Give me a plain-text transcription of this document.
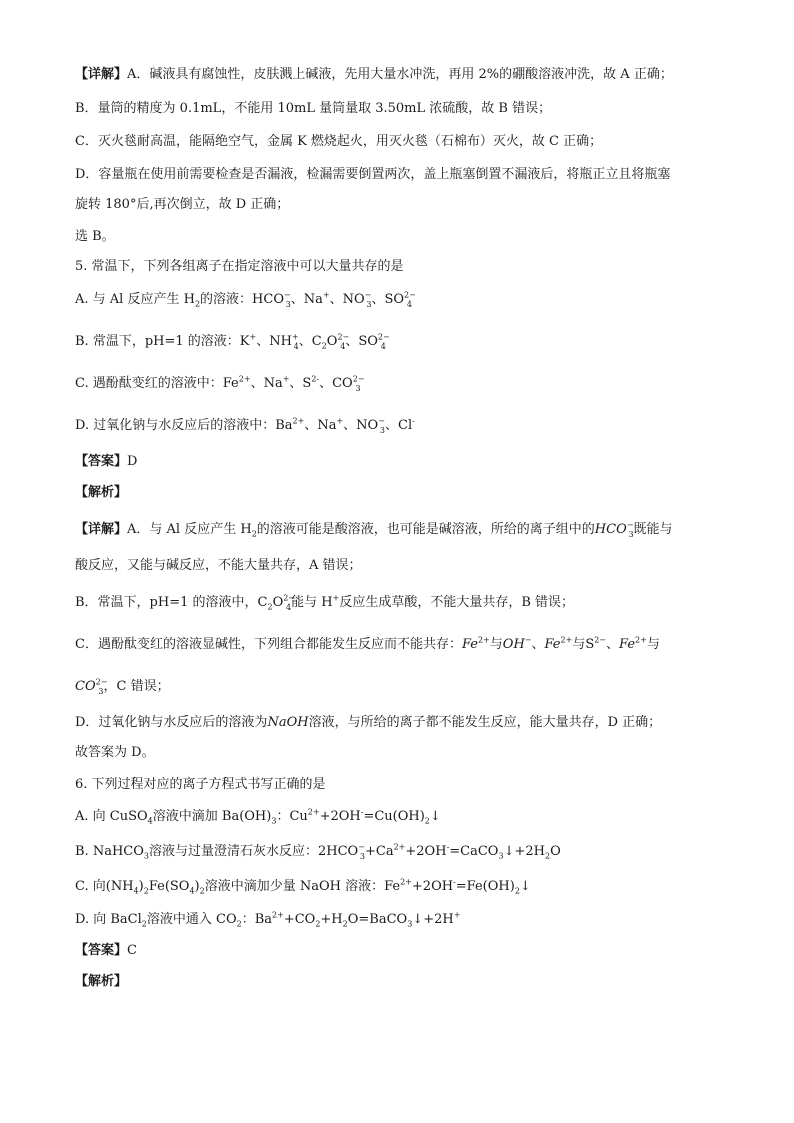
【详解】A．碱液具有腐蚀性，皮肤溅上碱液，先用大量水冲洗，再用 2%的硼酸溶液冲洗，故 A 正确；
B．量筒的精度为 0.1mL，不能用 10mL 量筒量取 3.50mL 浓硫酸，故 B 错误；
C．灭火毯耐高温，能隔绝空气，金属 K 燃烧起火，用灭火毯（石棉布）灭火，故 C 正确；
D．容量瓶在使用前需要检查是否漏液，检漏需要倒置两次，盖上瓶塞倒置不漏液后，将瓶正立且将瓶塞
旋转 180°后,再次倒立，故 D 正确；
选 B。
5. 常温下，下列各组离子在指定溶液中可以大量共存的是
A. 与 Al 反应产生 $H_2$的溶液：$HCO^-_3$、Na+、$NO^-_3$、$SO^{2-}_4$
B. 常温下，pH=1 的溶液：K+、$NH^+_4$、$C_2O^{2-}_4$、$SO^{2-}_4$
C. 遇酚酞变红的溶液中：$Fe^{2+}$、Na+、$S^{2-}$、$CO^{2-}_3$
D. 过氧化钠与水反应后的溶液中：$Ba^{2+}$、Na+、$NO^-_3$、Cl-
【答案】D
【解析】
【详解】A．与 Al 反应产生 $H_2$的溶液可能是酸溶液，也可能是碱溶液，所给的离子组中的$HCO^-_3$既能与
酸反应，又能与碱反应，不能大量共存，A 错误；
B．常温下，pH=1 的溶液中，$C_2O^{2-}_4$能与 H+反应生成草酸，不能大量共存，B 错误；
C．遇酚酞变红的溶液显碱性，下列组合都能发生反应而不能共存：$Fe^{2+}$与OH−、$Fe^{2+}$与$S^{2-}$、$Fe^{2+}$与
$CO^{2-}_3$，C 错误；
D．过氧化钠与水反应后的溶液为NaOH溶液，与所给的离子都不能发生反应，能大量共存，D 正确；
故答案为 D。
6. 下列过程对应的离子方程式书写正确的是
A. 向 CuSO$_4$溶液中滴加 $Ba(OH)_3$：$Cu^{2+}+2OH^-=Cu(OH)_2↓$
B. NaHCO$_3$溶液与过量澄清石灰水反应：$2HCO^-_3+Ca^{2+}+2OH^-=CaCO_3↓+2H_2O$
C. 向$(NH_4)_2Fe(SO_4)_2$溶液中滴加少量 NaOH 溶液：$Fe^{2+}+2OH^-=Fe(OH)_2↓$
D. 向 BaCl$_2$溶液中通入 $CO_2$：$Ba^{2+}+CO_2+H_2O=BaCO_3↓+2H^+$
【答案】C
【解析】
